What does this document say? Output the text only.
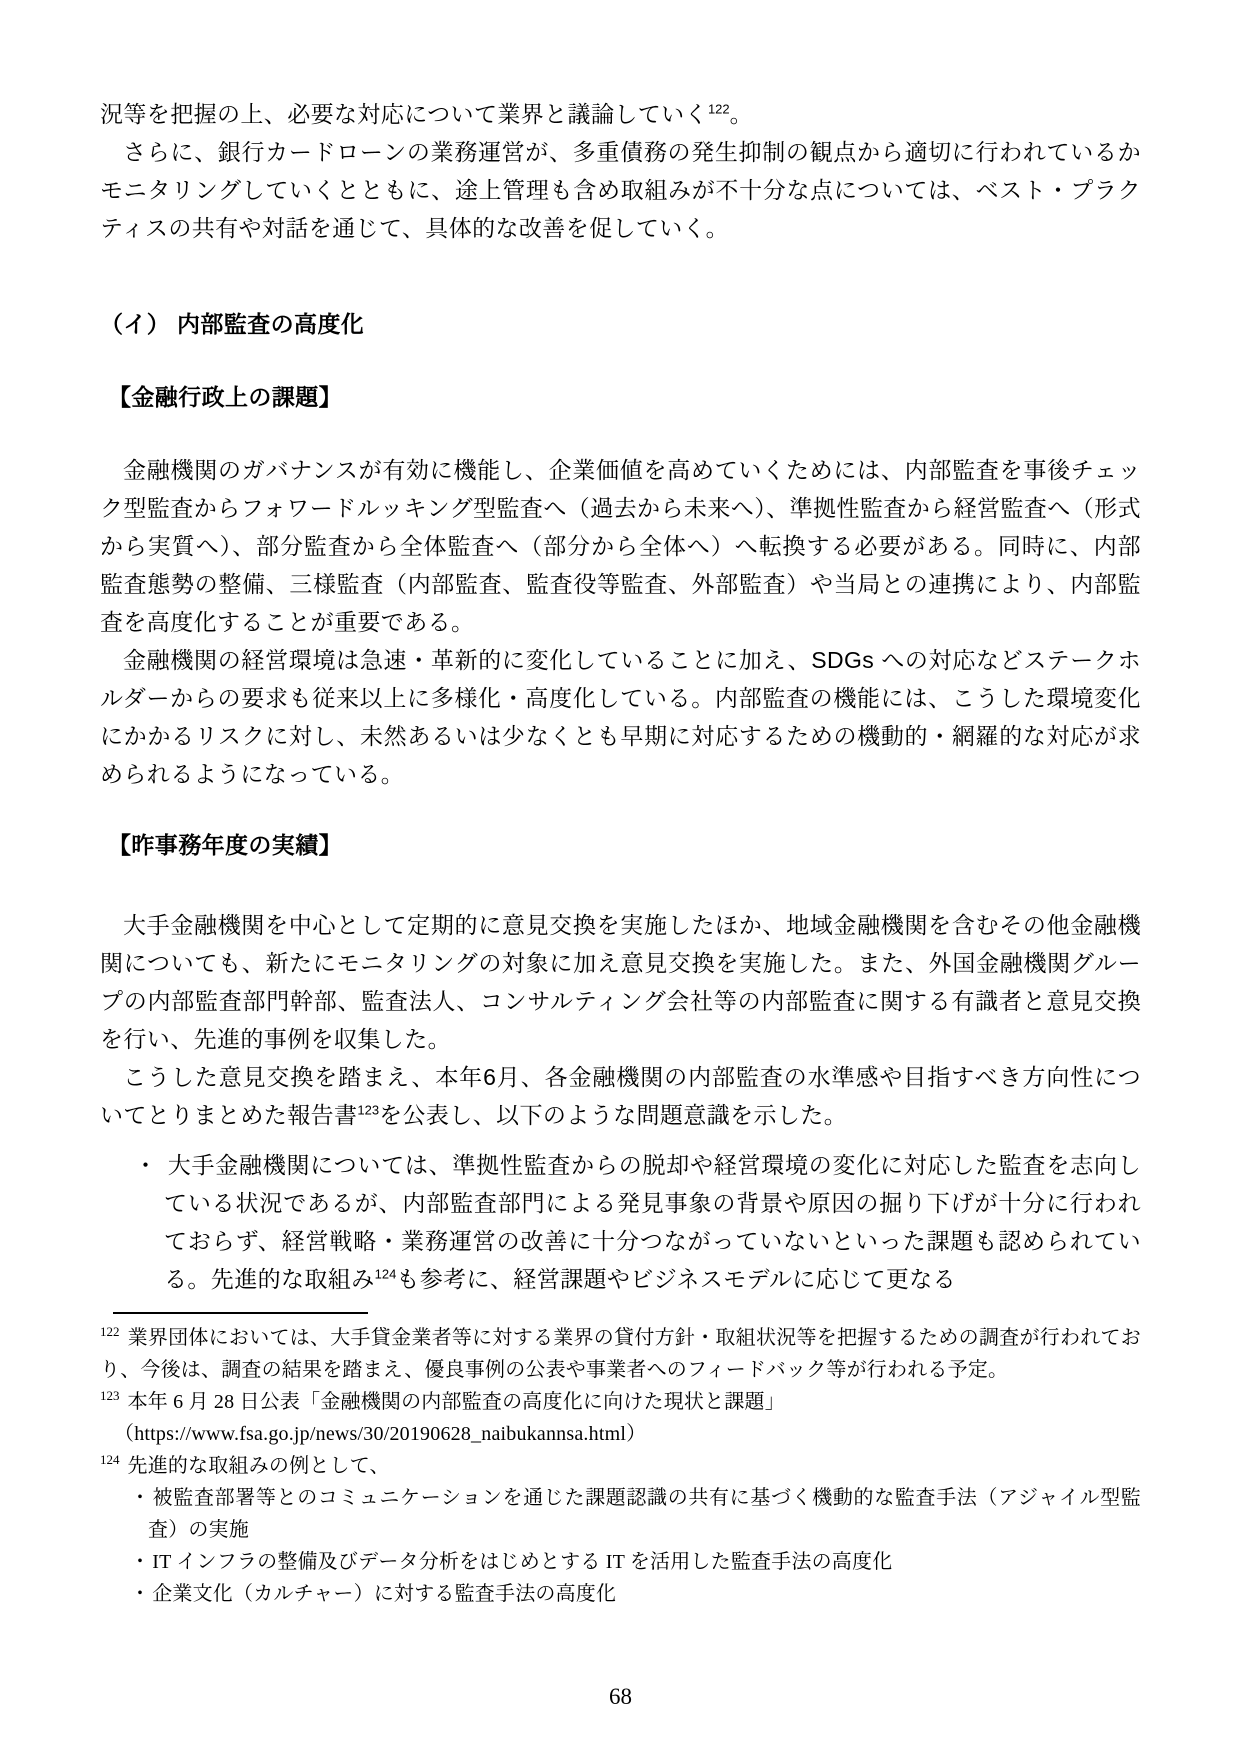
況等を把握の上、必要な対応について業界と議論していく$^{122}$。

さらに、銀行カードローンの業務運営が、多重債務の発生抑制の観点から適切に行われているかモニタリングしていくとともに、途上管理も含め取組みが不十分な点については、ベスト・プラクティスの共有や対話を通じて、具体的な改善を促していく。

（イ） 内部監査の高度化
【金融行政上の課題】

金融機関のガバナンスが有効に機能し、企業価値を高めていくためには、内部監査を事後チェック型監査からフォワードルッキング型監査へ（過去から未来へ）、準拠性監査から経営監査へ（形式から実質へ）、部分監査から全体監査へ（部分から全体へ）へ転換する必要がある。同時に、内部監査態勢の整備、三様監査（内部監査、監査役等監査、外部監査）や当局との連携により、内部監査を高度化することが重要である。

金融機関の経営環境は急速・革新的に変化していることに加え、SDGs への対応などステークホルダーからの要求も従来以上に多様化・高度化している。内部監査の機能には、こうした環境変化にかかるリスクに対し、未然あるいは少なくとも早期に対応するための機動的・網羅的な対応が求められるようになっている。

【昨事務年度の実績】

大手金融機関を中心として定期的に意見交換を実施したほか、地域金融機関を含むその他金融機関についても、新たにモニタリングの対象に加え意見交換を実施した。また、外国金融機関グループの内部監査部門幹部、監査法人、コンサルティング会社等の内部監査に関する有識者と意見交換を行い、先進的事例を収集した。

こうした意見交換を踏まえ、本年6月、各金融機関の内部監査の水準感や目指すべき方向性についてとりまとめた報告書$^{123}$を公表し、以下のような問題意識を示した。

・ 大手金融機関については、準拠性監査からの脱却や経営環境の変化に対応した監査を志向している状況であるが、内部監査部門による発見事象の背景や原因の掘り下げが十分に行われておらず、経営戦略・業務運営の改善に十分つながっていないといった課題も認められている。先進的な取組み$^{124}$も参考に、経営課題やビジネスモデルに応じて更なる
$^{122}$ 業界団体においては、大手貸金業者等に対する業界の貸付方針・取組状況等を把握するための調査が行われており、今後は、調査の結果を踏まえ、優良事例の公表や事業者へのフィードバック等が行われる予定。
$^{123}$ 本年 6 月 28 日公表「金融機関の内部監査の高度化に向けた現状と課題」
（https://www.fsa.go.jp/news/30/20190628_naibukannsa.html）
$^{124}$ 先進的な取組みの例として、
・ 被監査部署等とのコミュニケーションを通じた課題認識の共有に基づく機動的な監査手法（アジャイル型監査）の実施
・ IT インフラの整備及びデータ分析をはじめとする IT を活用した監査手法の高度化
・ 企業文化（カルチャー）に対する監査手法の高度化
68
